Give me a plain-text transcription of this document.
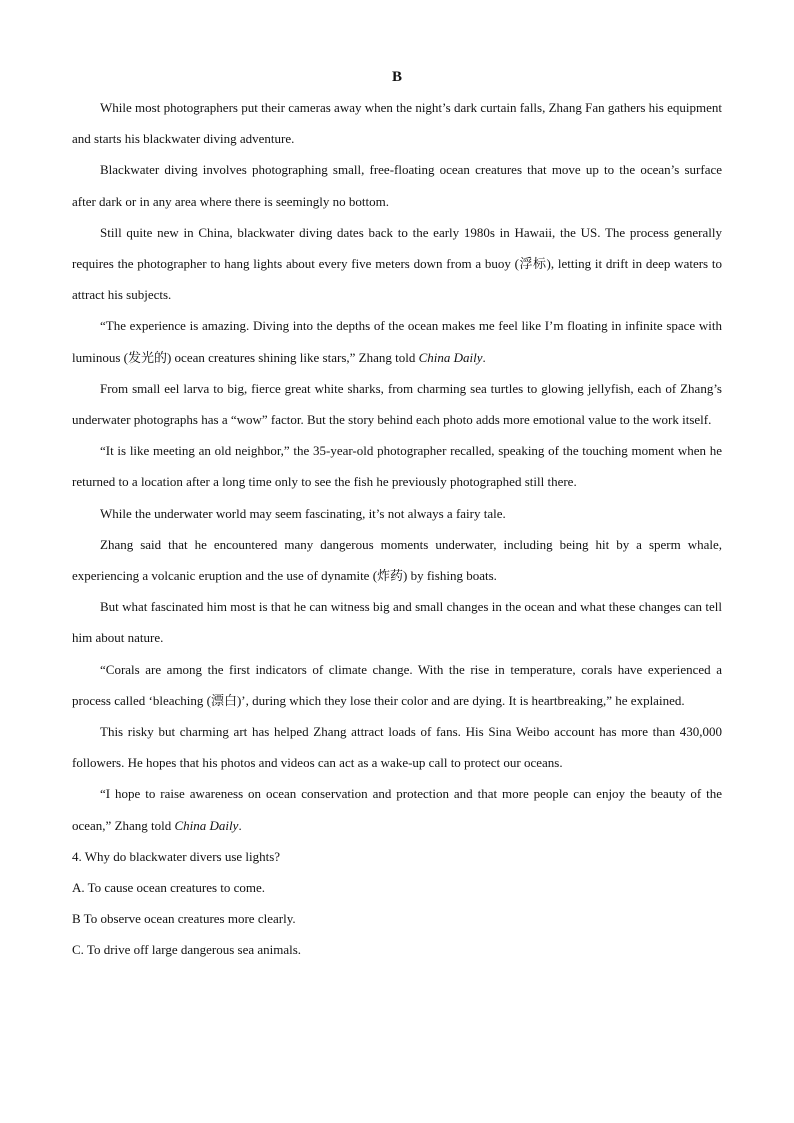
B

While most photographers put their cameras away when the night’s dark curtain falls, Zhang Fan gathers his equipment and starts his blackwater diving adventure.

Blackwater diving involves photographing small, free-floating ocean creatures that move up to the ocean’s surface after dark or in any area where there is seemingly no bottom.

Still quite new in China, blackwater diving dates back to the early 1980s in Hawaii, the US. The process generally requires the photographer to hang lights about every five meters down from a buoy (浮标), letting it drift in deep waters to attract his subjects.

“The experience is amazing. Diving into the depths of the ocean makes me feel like I’m floating in infinite space with luminous (发光的) ocean creatures shining like stars,” Zhang told China Daily.

From small eel larva to big, fierce great white sharks, from charming sea turtles to glowing jellyfish, each of Zhang’s underwater photographs has a “wow” factor. But the story behind each photo adds more emotional value to the work itself.

“It is like meeting an old neighbor,” the 35-year-old photographer recalled, speaking of the touching moment when he returned to a location after a long time only to see the fish he previously photographed still there.

While the underwater world may seem fascinating, it’s not always a fairy tale.

Zhang said that he encountered many dangerous moments underwater, including being hit by a sperm whale, experiencing a volcanic eruption and the use of dynamite (炸药) by fishing boats.

But what fascinated him most is that he can witness big and small changes in the ocean and what these changes can tell him about nature.

“Corals are among the first indicators of climate change. With the rise in temperature, corals have experienced a process called ‘bleaching (漂白)’, during which they lose their color and are dying. It is heartbreaking,” he explained.

This risky but charming art has helped Zhang attract loads of fans. His Sina Weibo account has more than 430,000 followers. He hopes that his photos and videos can act as a wake-up call to protect our oceans.

“I hope to raise awareness on ocean conservation and protection and that more people can enjoy the beauty of the ocean,” Zhang told China Daily.

4. Why do blackwater divers use lights?

A. To cause ocean creatures to come.

B To observe ocean creatures more clearly.

C. To drive off large dangerous sea animals.
